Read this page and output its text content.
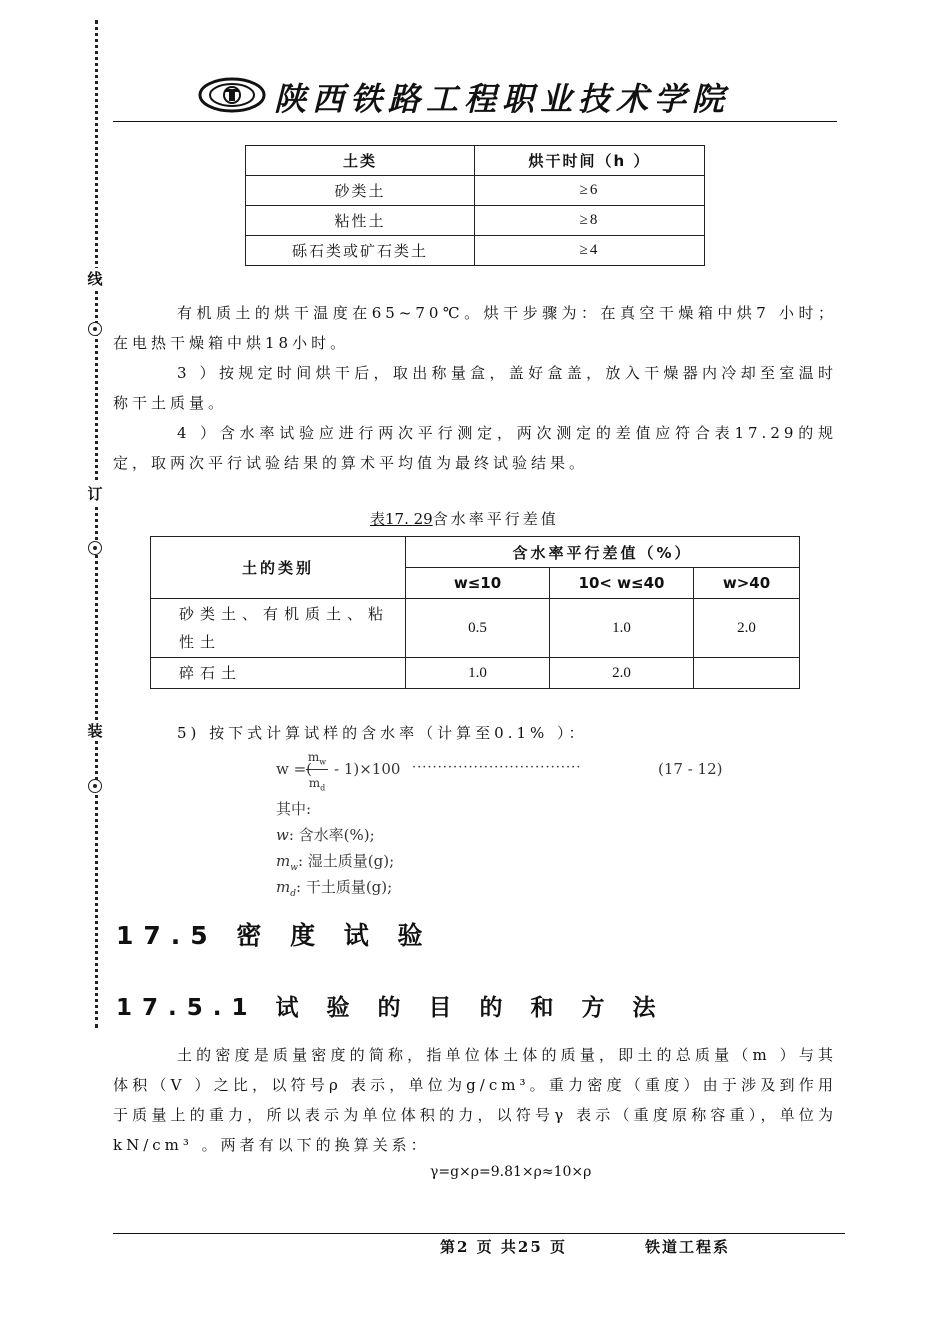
线
订
装
陕西铁路工程职业技术学院
土类	烘干时间（h ）
砂类土	≥6
粘性土	≥8
砾石类或矿石类土	≥4
有机质土的烘干温度在65~70℃。烘干步骤为：在真空干燥箱中烘7 小时；在电热干燥箱中烘18小时。
3 ）按规定时间烘干后，取出称量盒，盖好盒盖，放入干燥器内冷却至室温时称干土质量。
4 ）含水率试验应进行两次平行测定，两次测定的差值应符合表17.29的规定，取两次平行试验结果的算术平均值为最终试验结果。
表17. 29含水率平行差值
土的类别	含水率平行差值（%）		
	w≤10	10< w≤40	w>40
砂类土、有机质土、粘性土	0.5	1.0	2.0
碎石土	1.0	2.0	
5) 按下式计算试样的含水率（计算至0.1% ）：
w =(
$m_w$
$m_d$
- 1)×100 ·································	(17 - 12)
其中:
w: 含水率(%);
$m_w$: 湿土质量(g);
$m_d$: 干土质量(g);
17.5 密 度 试 验
17.5.1 试 验 的 目 的 和 方 法
土的密度是质量密度的简称，指单位体土体的质量，即土的总质量（m ）与其体积（V ）之比，以符号ρ 表示，单位为g/cm³。重力密度（重度）由于涉及到作用于质量上的重力，所以表示为单位体积的力，以符号γ 表示（重度原称容重），单位为kN/cm³ 。两者有以下的换算关系：
γ=g×ρ=9.81×ρ≈10×ρ
第2 页 共25 页	铁道工程系
